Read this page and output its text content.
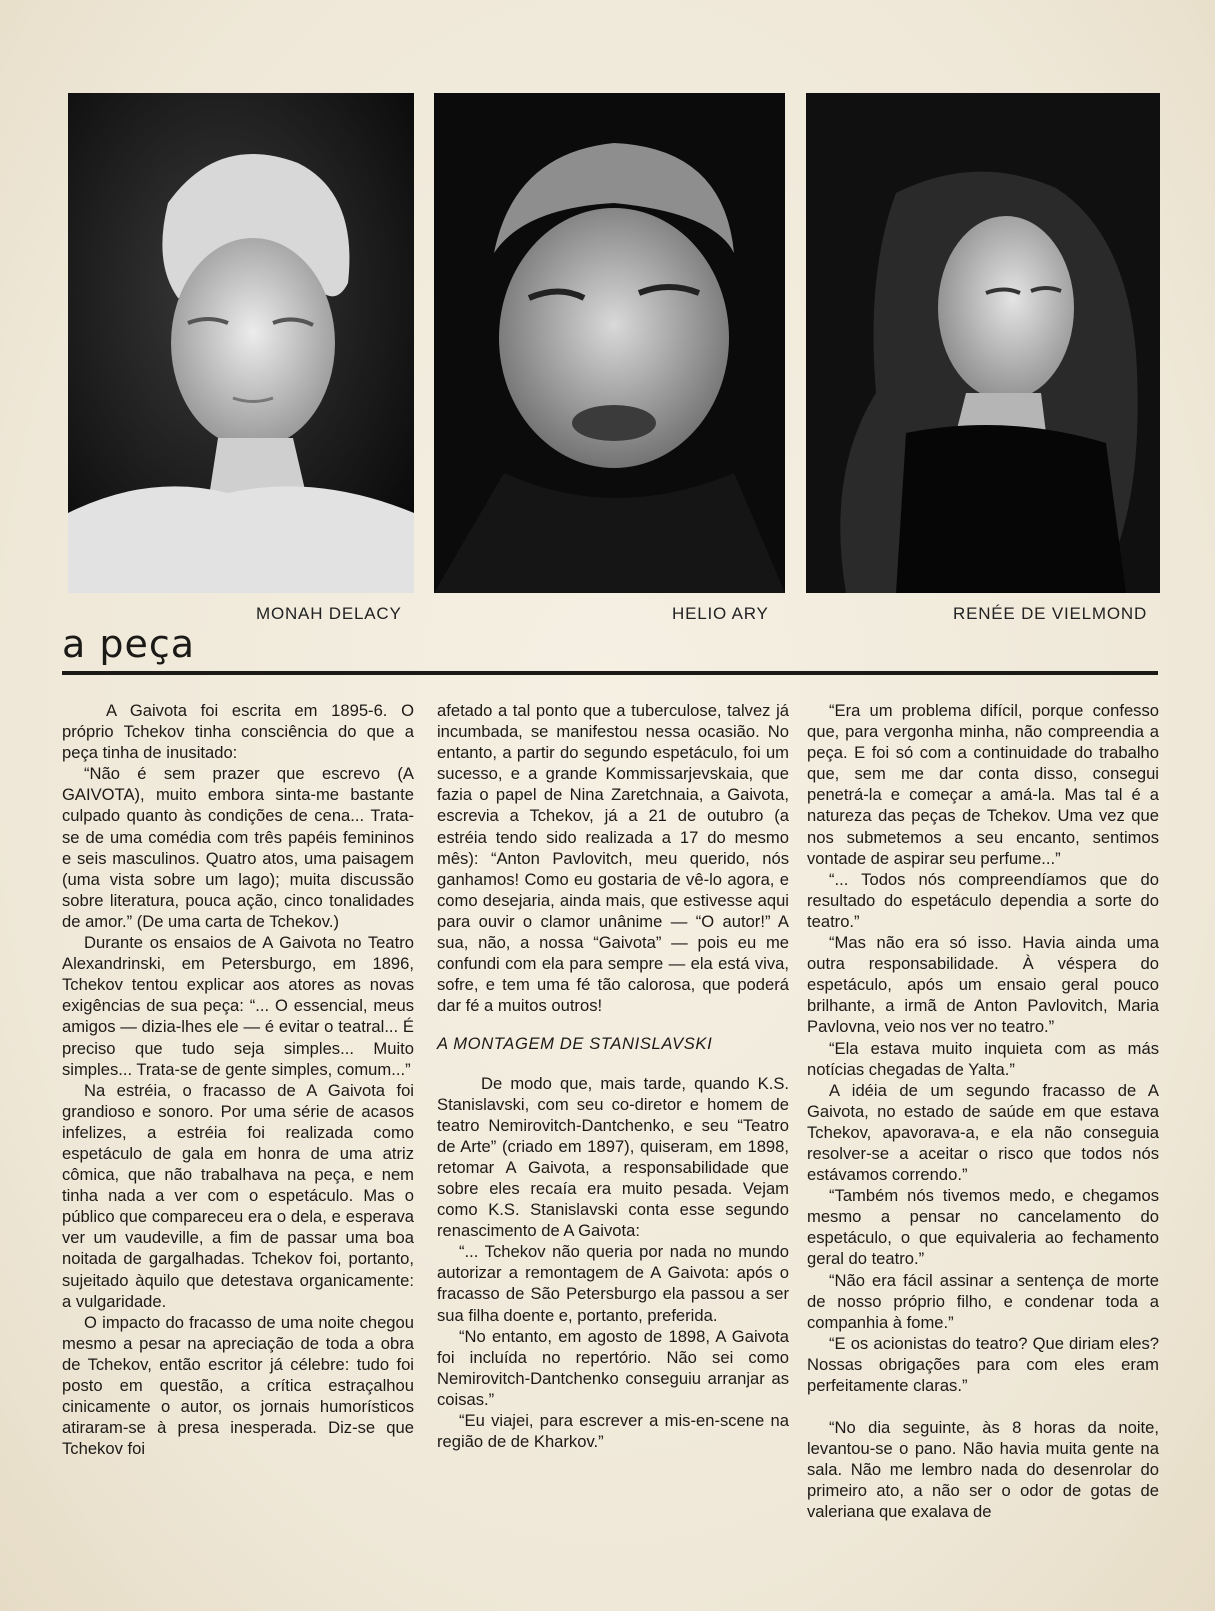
MONAH DELACY	HELIO ARY	RENÉE DE VIELMOND
a peça

A Gaivota foi escrita em 1895-6. O próprio Tchekov tinha consciência do que a peça tinha de inusitado:

“Não é sem prazer que escrevo (A GAIVOTA), muito embora sinta-me bastante culpado quanto às condições de cena... Trata-se de uma comédia com três papéis femininos e seis masculinos. Quatro atos, uma paisagem (uma vista sobre um lago); muita discussão sobre literatura, pouca ação, cinco tonalidades de amor.” (De uma carta de Tchekov.)

Durante os ensaios de A Gaivota no Teatro Alexandrinski, em Petersburgo, em 1896, Tchekov tentou explicar aos atores as novas exigências de sua peça: “... O essencial, meus amigos — dizia-lhes ele — é evitar o teatral... É preciso que tudo seja simples... Muito simples... Trata-se de gente simples, comum...”

Na estréia, o fracasso de A Gaivota foi grandioso e sonoro. Por uma série de acasos infelizes, a estréia foi realizada como espetáculo de gala em honra de uma atriz cômica, que não trabalhava na peça, e nem tinha nada a ver com o espetáculo. Mas o público que compareceu era o dela, e esperava ver um vaudeville, a fim de passar uma boa noitada de gargalhadas. Tchekov foi, portanto, sujeitado àquilo que detestava organicamente: a vulgaridade.

O impacto do fracasso de uma noite chegou mesmo a pesar na apreciação de toda a obra de Tchekov, então escritor já célebre: tudo foi posto em questão, a crítica estraçalhou cinicamente o autor, os jornais humorísticos atiraram-se à presa inesperada. Diz-se que Tchekov foi

afetado a tal ponto que a tuberculose, talvez já incumbada, se manifestou nessa ocasião. No entanto, a partir do segundo espetáculo, foi um sucesso, e a grande Kommissarjevskaia, que fazia o papel de Nina Zaretchnaia, a Gaivota, escrevia a Tchekov, já a 21 de outubro (a estréia tendo sido realizada a 17 do mesmo mês): “Anton Pavlovitch, meu querido, nós ganhamos! Como eu gostaria de vê-lo agora, e como desejaria, ainda mais, que estivesse aqui para ouvir o clamor unânime — “O autor!” A sua, não, a nossa “Gaivota” — pois eu me confundi com ela para sempre — ela está viva, sofre, e tem uma fé tão calorosa, que poderá dar fé a muitos outros!

A MONTAGEM DE STANISLAVSKI

De modo que, mais tarde, quando K.S. Stanislavski, com seu co-diretor e homem de teatro Nemirovitch-Dantchenko, e seu “Teatro de Arte” (criado em 1897), quiseram, em 1898, retomar A Gaivota, a responsabilidade que sobre eles recaía era muito pesada. Vejam como K.S. Stanislavski conta esse segundo renascimento de A Gaivota:

“... Tchekov não queria por nada no mundo autorizar a remontagem de A Gaivota: após o fracasso de São Petersburgo ela passou a ser sua filha doente e, portanto, preferida.

“No entanto, em agosto de 1898, A Gaivota foi incluída no repertório. Não sei como Nemirovitch-Dantchenko conseguiu arranjar as coisas.”

“Eu viajei, para escrever a mis-en-scene na região de de Kharkov.”

“Era um problema difícil, porque confesso que, para vergonha minha, não compreendia a peça. E foi só com a continuidade do trabalho que, sem me dar conta disso, consegui penetrá-la e começar a amá-la. Mas tal é a natureza das peças de Tchekov. Uma vez que nos submetemos a seu encanto, sentimos vontade de aspirar seu perfume...”

“... Todos nós compreendíamos que do resultado do espetáculo dependia a sorte do teatro.”

“Mas não era só isso. Havia ainda uma outra responsabilidade. À véspera do espetáculo, após um ensaio geral pouco brilhante, a irmã de Anton Pavlovitch, Maria Pavlovna, veio nos ver no teatro.”

“Ela estava muito inquieta com as más notícias chegadas de Yalta.”

A idéia de um segundo fracasso de A Gaivota, no estado de saúde em que estava Tchekov, apavorava-a, e ela não conseguia resolver-se a aceitar o risco que todos nós estávamos correndo.”

“Também nós tivemos medo, e chegamos mesmo a pensar no cancelamento do espetáculo, o que equivaleria ao fechamento geral do teatro.”

“Não era fácil assinar a sentença de morte de nosso próprio filho, e condenar toda a companhia à fome.”

“E os acionistas do teatro? Que diriam eles? Nossas obrigações para com eles eram perfeitamente claras.”

“No dia seguinte, às 8 horas da noite, levantou-se o pano. Não havia muita gente na sala. Não me lembro nada do desenrolar do primeiro ato, a não ser o odor de gotas de valeriana que exalava de
